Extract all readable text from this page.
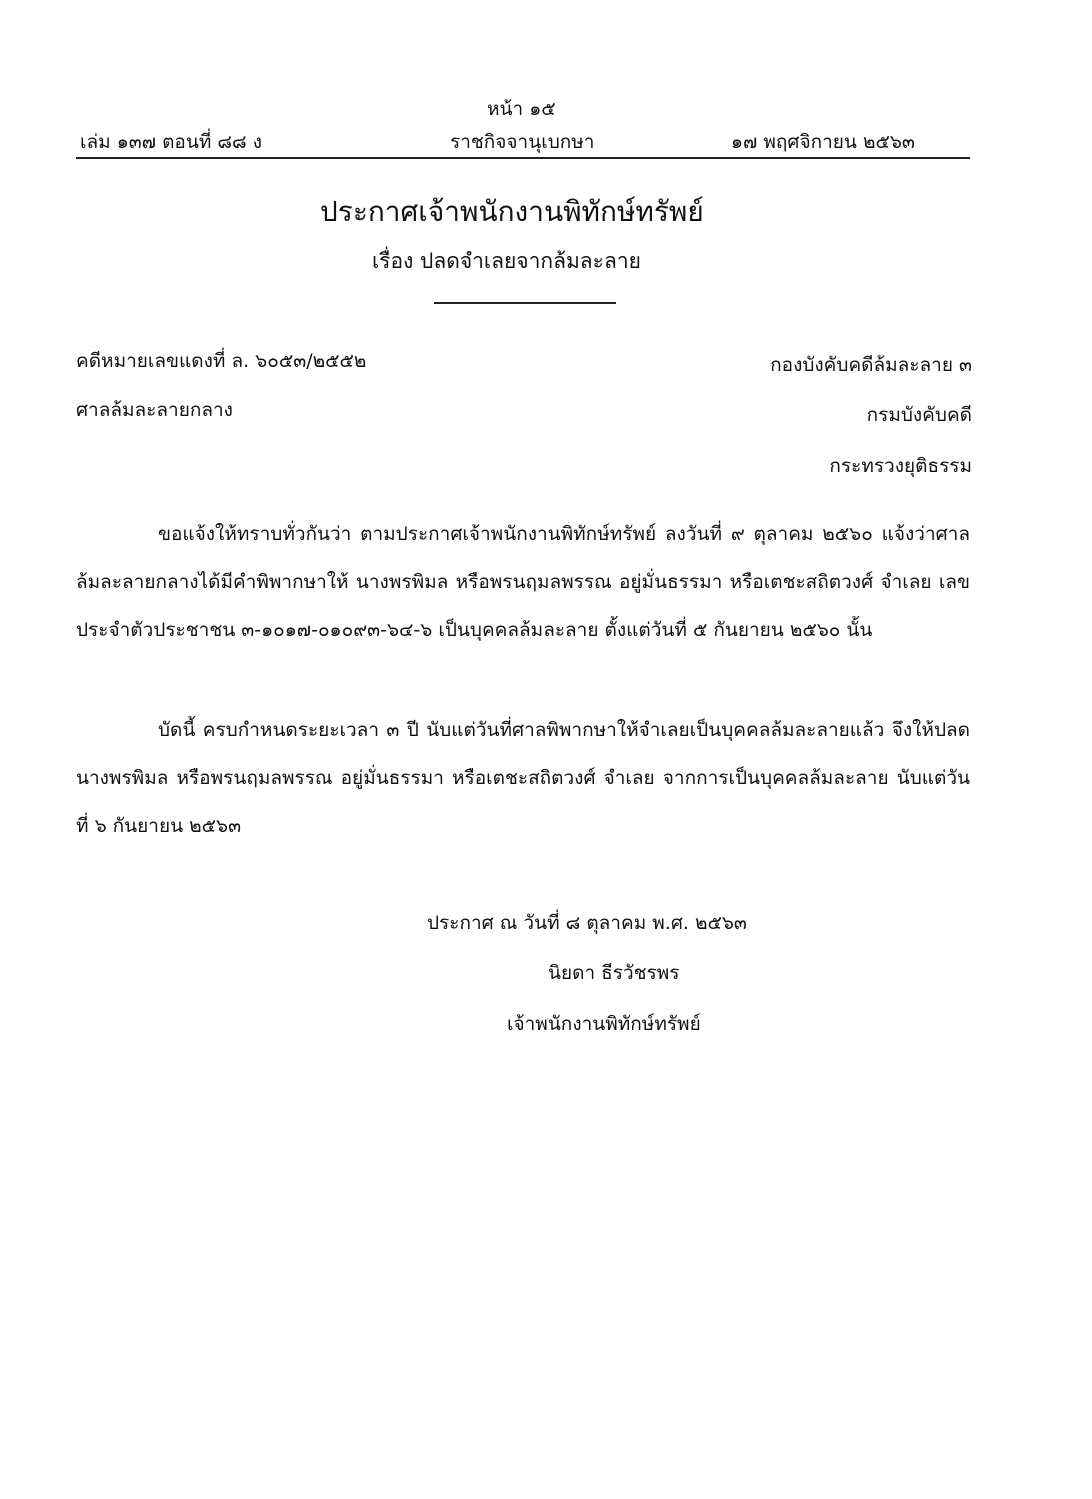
หน้า ๑๕
เล่ม ๑๓๗ ตอนที่ ๘๘ ง	ราชกิจจานุเบกษา	๑๗ พฤศจิกายน ๒๕๖๓
ประกาศเจ้าพนักงานพิทักษ์ทรัพย์
เรื่อง ปลดจำเลยจากล้มละลาย
คดีหมายเลขแดงที่ ล. ๖๐๕๓/๒๕๕๒
ศาลล้มละลายกลาง
กองบังคับคดีล้มละลาย ๓
กรมบังคับคดี
กระทรวงยุติธรรม
ขอแจ้งให้ทราบทั่วกันว่า ตามประกาศเจ้าพนักงานพิทักษ์ทรัพย์ ลงวันที่ ๙ ตุลาคม ๒๕๖๐ แจ้งว่าศาลล้มละลายกลางได้มีคำพิพากษาให้ นางพรพิมล หรือพรนฤมลพรรณ อยู่มั่นธรรมา หรือเตชะสถิตวงศ์ จำเลย เลขประจำตัวประชาชน ๓-๑๐๑๗-๐๑๐๙๓-๖๔-๖ เป็นบุคคลล้มละลาย ตั้งแต่วันที่ ๕ กันยายน ๒๕๖๐ นั้น
บัดนี้ ครบกำหนดระยะเวลา ๓ ปี นับแต่วันที่ศาลพิพากษาให้จำเลยเป็นบุคคลล้มละลายแล้ว จึงให้ปลด นางพรพิมล หรือพรนฤมลพรรณ อยู่มั่นธรรมา หรือเตชะสถิตวงศ์ จำเลย จากการเป็นบุคคลล้มละลาย นับแต่วันที่ ๖ กันยายน ๒๕๖๓
ประกาศ ณ วันที่ ๘ ตุลาคม พ.ศ. ๒๕๖๓
นิยดา ธีรวัชรพร
เจ้าพนักงานพิทักษ์ทรัพย์
